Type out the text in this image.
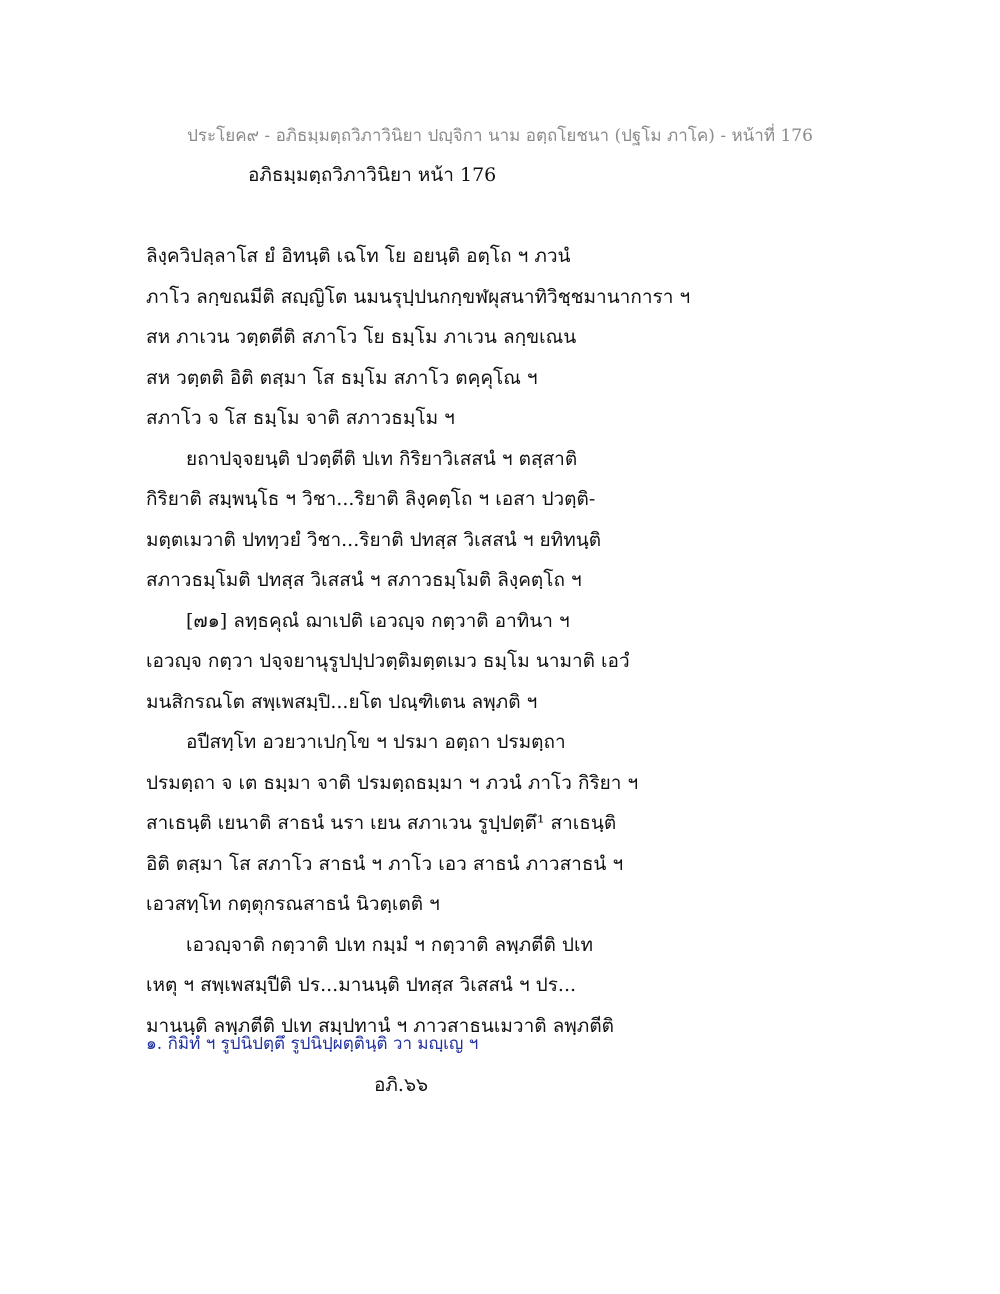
ประโยค๙ - อภิธมฺมตฺถวิภาวินิยา ปญฺจิกา นาม อตฺถโยชนา (ปฐโม ภาโค) - หน้าที่ 176
อภิธมฺมตฺถวิภาวินิยา หน้า 176
ลิงฺควิปลฺลาโส ยํ อิทนฺติ เฉโท โย อยนฺติ อตฺโถ ฯ ภวนํ
ภาโว ลกฺขณมีติ สญฺญิโต นมนรุปฺปนกกฺขฬผุสนาทิวิชฺชมานาการา ฯ
สห ภาเวน วตฺตตีติ สภาโว โย ธมฺโม ภาเวน ลกฺขเณน
สห วตฺตติ อิติ ตสฺมา โส ธมฺโม สภาโว ตคฺคุโณ ฯ
สภาโว จ โส ธมฺโม จาติ สภาวธมฺโม ฯ
ยถาปจฺจยนฺติ ปวตฺตีติ ปเท กิริยาวิเสสนํ ฯ ตสฺสาติ
กิริยาติ สมฺพนฺโธ ฯ วิชา...ริยาติ ลิงฺคตฺโถ ฯ เอสา ปวตฺติ-
มตฺตเมวาติ ปททฺวยํ วิชา...ริยาติ ปทสฺส วิเสสนํ ฯ ยทิทนฺติ
สภาวธมฺโมติ ปทสฺส วิเสสนํ ฯ สภาวธมฺโมติ ลิงฺคตฺโถ ฯ
[๗๑] ลทฺธคุณํ ฌาเปติ เอวญฺจ กตฺวาติ อาทินา ฯ
เอวญฺจ กตฺวา ปจฺจยานุรูปปฺปวตฺติมตฺตเมว ธมฺโม นามาติ เอวํ
มนสิกรณโต สพฺเพสมฺปิ...ยโต ปณฺฑิเตน ลพฺภติ ฯ
อปีสทฺโท อวยวาเปกฺโข ฯ ปรมา อตฺถา ปรมตฺถา
ปรมตฺถา จ เต ธมฺมา จาติ ปรมตฺถธมฺมา ฯ ภวนํ ภาโว กิริยา ฯ
สาเธนฺติ เยนาติ สาธนํ นรา เยน สภาเวน รูปฺปตฺตึ¹ สาเธนฺติ
อิติ ตสฺมา โส สภาโว สาธนํ ฯ ภาโว เอว สาธนํ ภาวสาธนํ ฯ
เอวสทฺโท กตฺตุกรณสาธนํ นิวตฺเตติ ฯ
เอวญฺจาติ กตฺวาติ ปเท กมฺมํ ฯ กตฺวาติ ลพฺภตีติ ปเท
เหตุ ฯ สพฺเพสมฺปีติ ปร...มานนฺติ ปทสฺส วิเสสนํ ฯ ปร...
มานนฺติ ลพฺภตีติ ปเท สมฺปทานํ ฯ ภาวสาธนเมวาติ ลพฺภตีติ
๑. กิมิทํ ฯ รูปนิปตฺตึ รูปนิปฺผตฺตินฺติ วา มญฺเญ ฯ
อภิ.๖๖
